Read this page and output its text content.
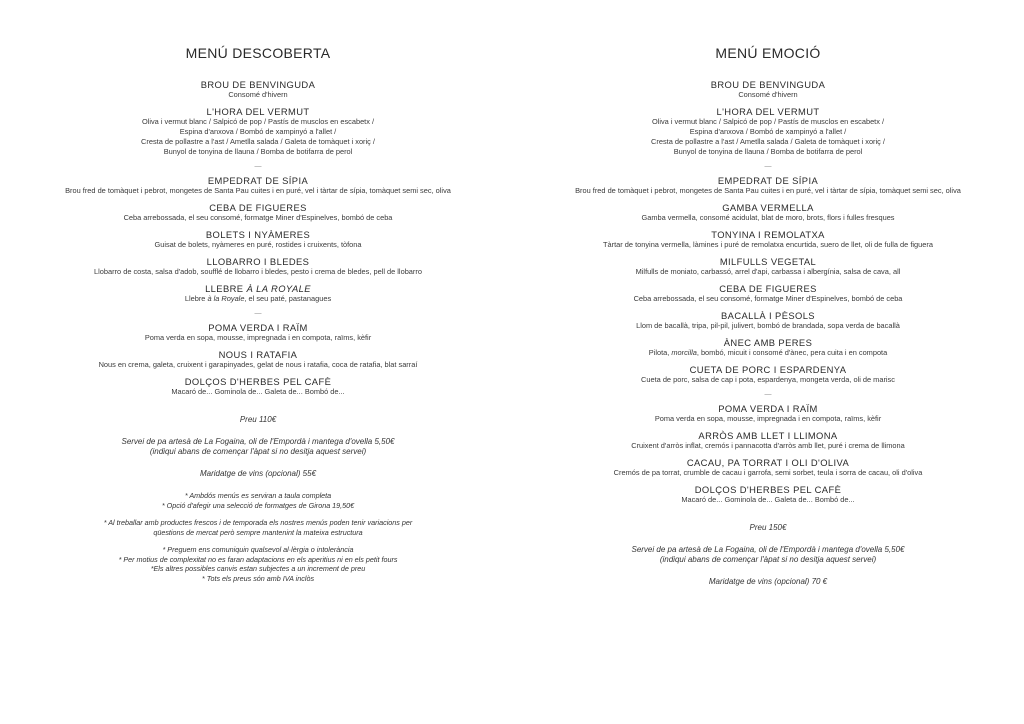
MENÚ DESCOBERTA
BROU DE BENVINGUDA
Consomé d'hivern
L'HORA DEL VERMUT
Oliva i vermut blanc / Salpicó de pop / Pastís de musclos en escabetx /
Espina d'anxova / Bombó de xampinyó a l'allet /
Cresta de pollastre a l'ast / Ametlla salada / Galeta de tomàquet i xoriç /
Bunyol de tonyina de llauna / Bomba de botifarra de perol
—
EMPEDRAT DE SÍPIA
Brou fred de tomàquet i pebrot, mongetes de Santa Pau cuites i en puré, vel i tàrtar de sípia, tomàquet semi sec, oliva
CEBA DE FIGUERES
Ceba arrebossada, el seu consomé, formatge Miner d'Espinelves, bombó de ceba
BOLETS I NYÀMERES
Guisat de bolets, nyàmeres en puré, rostides i cruixents, tòfona
LLOBARRO I BLEDES
Llobarro de costa, salsa d'adob, soufflé de llobarro i bledes, pesto i crema de bledes, pell de llobarro
LLEBRE À LA ROYALE
Llebre à la Royale, el seu paté, pastanagues
—
POMA VERDA I RAÏM
Poma verda en sopa, mousse, impregnada i en compota, raïms, kèfir
NOUS I RATAFIA
Nous en crema, galeta, cruixent i garapinyades, gelat de nous i ratafia, coca de ratafia, blat sarraí
DOLÇOS D'HERBES PEL CAFÈ
Macaró de... Gominola de... Galeta de... Bombó de...
Preu 110€
Servei de pa artesà de La Fogaina, oli de l'Empordà i mantega d'ovella 5,50€
(indiqui abans de començar l'àpat si no desitja aquest servei)
Maridatge de vins (opcional) 55€
* Ambdós menús es serviran a taula completa
* Opció d'afegir una selecció de formatges de Girona 19,50€
* Al treballar amb productes frescos i de temporada els nostres menús poden tenir variacions per
qüestions de mercat però sempre mantenint la mateixa estructura
* Preguem ens comuniquin qualsevol al·lèrgia o intolerància
* Per motius de complexitat no es faran adaptacions en els aperitius ni en els petit fours
*Els altres possibles canvis estan subjectes a un increment de preu
* Tots els preus són amb IVA inclòs
MENÚ EMOCIÓ
BROU DE BENVINGUDA
Consomé d'hivern
L'HORA DEL VERMUT
Oliva i vermut blanc / Salpicó de pop / Pastís de musclos en escabetx /
Espina d'anxova / Bombó de xampinyó a l'allet /
Cresta de pollastre a l'ast / Ametlla salada / Galeta de tomàquet i xoriç /
Bunyol de tonyina de llauna / Bomba de botifarra de perol
—
EMPEDRAT DE SÍPIA
Brou fred de tomàquet i pebrot, mongetes de Santa Pau cuites i en puré, vel i tàrtar de sípia, tomàquet semi sec, oliva
GAMBA VERMELLA
Gamba vermella, consomé acidulat, blat de moro, brots, flors i fulles fresques
TONYINA I REMOLATXA
Tàrtar de tonyina vermella, làmines i puré de remolatxa encurtida, suero de llet, oli de fulla de figuera
MILFULLS VEGETAL
Milfulls de moniato, carbassó, arrel d'api, carbassa i albergínia, salsa de cava, all
CEBA DE FIGUERES
Ceba arrebossada, el seu consomé, formatge Miner d'Espinelves, bombó de ceba
BACALLÀ I PÈSOLS
Llom de bacallà, tripa, pil-pil, julivert, bombó de brandada, sopa verda de bacallà
ÀNEC AMB PERES
Pilota, morcilla, bombó, micuit i consomé d'ànec, pera cuita i en compota
CUETA DE PORC I ESPARDENYA
Cueta de porc, salsa de cap i pota, espardenya, mongeta verda, oli de marisc
—
POMA VERDA I RAÏM
Poma verda en sopa, mousse, impregnada i en compota, raïms, kèfir
ARRÒS AMB LLET I LLIMONA
Cruixent d'arròs inflat, cremós i pannacotta d'arròs amb llet, puré i crema de llimona
CACAU, PA TORRAT I OLI D'OLIVA
Cremós de pa torrat, crumble de cacau i garrofa, semi sorbet, teula i sorra de cacau, oli d'oliva
DOLÇOS D'HERBES PEL CAFÈ
Macaró de... Gominola de... Galeta de... Bombó de...
Preu 150€
Servei de pa artesà de La Fogaina, oli de l'Empordà i mantega d'ovella 5,50€
(indiqui abans de començar l'àpat si no desitja aquest servei)
Maridatge de vins (opcional) 70 €
